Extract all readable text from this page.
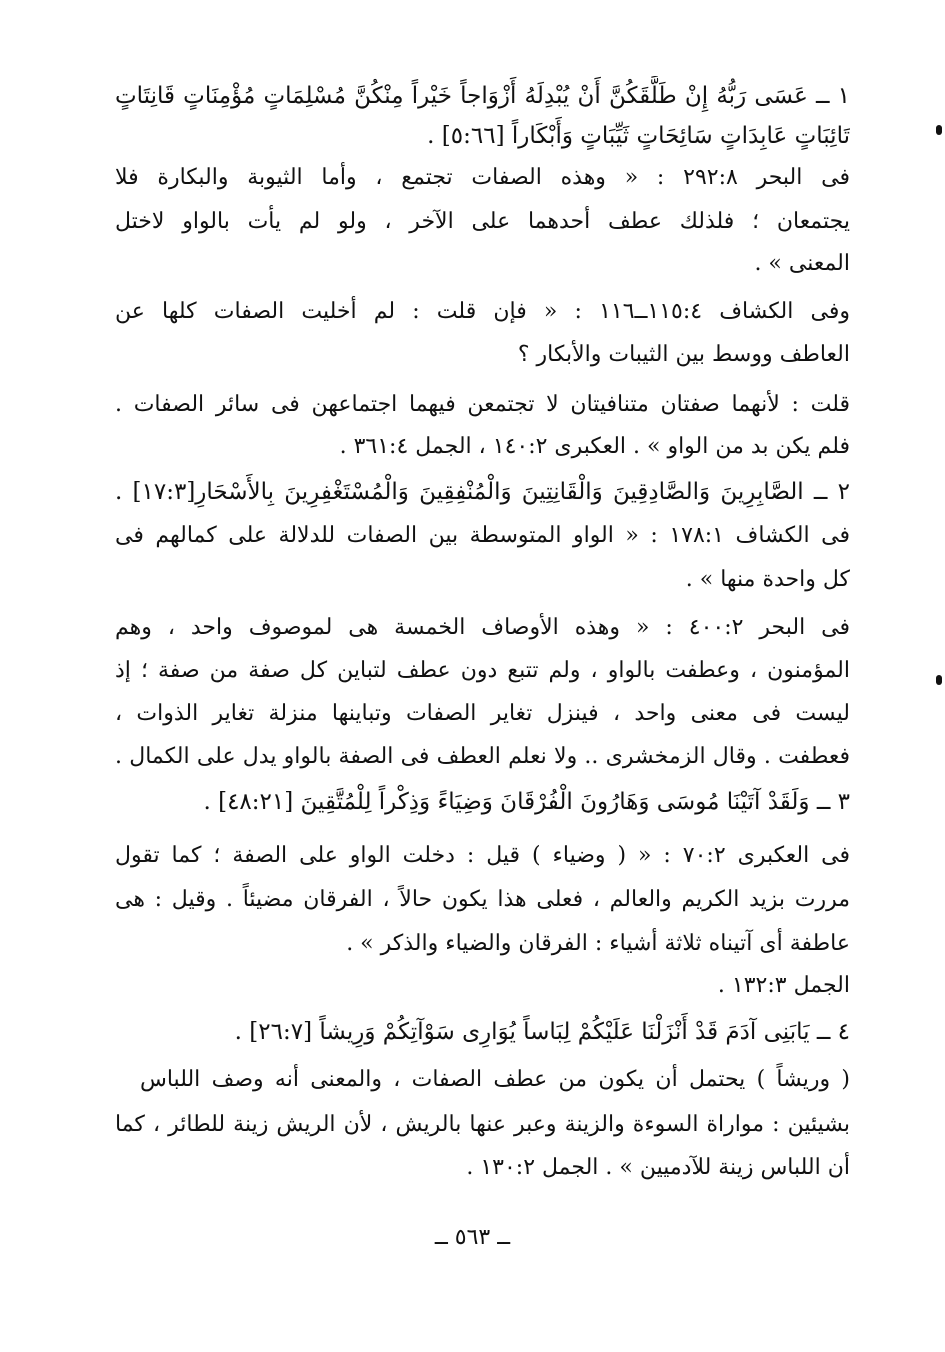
١ ــ عَسَى رَبُّهُ إِنْ طَلَّقَكُنَّ أَنْ يُبْدِلَهُ أَزْوَاجاً خَيْراً مِنْكُنَّ مُسْلِمَاتٍ مُؤْمِنَاتٍ قَانِتَاتٍ
تَائِبَاتٍ عَابِدَاتٍ سَائِحَاتٍ ثَيِّبَاتٍ وَأَبْكَاراً [٥:٦٦] .
فى البحر ٢٩٢:٨ : « وهذه الصفات تجتمع ، وأما الثيوبة والبكارة فلا
يجتمعان ؛ فلذلك عطف أحدهما على الآخر ، ولو لم يأت بالواو لاختل
المعنى » .
وفى الكشاف ١١٥:٤ــ١١٦ : « فإن قلت : لم أخليت الصفات كلها عن
العاطف ووسط بين الثيبات والأبكار ؟
قلت : لأنهما صفتان متنافيتان لا تجتمعن فيهما اجتماعهن فى سائر الصفات .
فلم يكن بد من الواو » . العكبرى ١٤٠:٢ ، الجمل ٣٦١:٤ .
٢ ــ الصَّابِرِينَ وَالصَّادِقِينَ وَالْقَانِتِينَ وَالْمُنْفِقِينَ وَالْمُسْتَغْفِرِينَ بِالأَسْحَارِ[١٧:٣] .
فى الكشاف ١٧٨:١ : « الواو المتوسطة بين الصفات للدلالة على كمالهم فى
كل واحدة منها » .
فى البحر ٤٠٠:٢ : « وهذه الأوصاف الخمسة هى لموصوف واحد ، وهم
المؤمنون ، وعطفت بالواو ، ولم تتبع دون عطف لتباين كل صفة من صفة ؛ إذ
ليست فى معنى واحد ، فينزل تغاير الصفات وتباينها منزلة تغاير الذوات ،
فعطفت . وقال الزمخشرى .. ولا نعلم العطف فى الصفة بالواو يدل على الكمال .
٣ ــ وَلَقَدْ آتَيْنَا مُوسَى وَهَارُونَ الْفُرْقَانَ وَضِيَاءً وَذِكْراً لِلْمُتَّقِينَ [٤٨:٢١] .
فى العكبرى ٧٠:٢ : « ( وضياء ) قيل : دخلت الواو على الصفة ؛ كما تقول
مررت بزيد الكريم والعالم ، فعلى هذا يكون حالاً ، الفرقان مضيئاً . وقيل : هى
عاطفة أى آتيناه ثلاثة أشياء : الفرقان والضياء والذكر » .
الجمل ١٣٢:٣ .
٤ ــ يَابَنِى آدَمَ قَدْ أَنْزَلْنَا عَلَيْكُمْ لِبَاساً يُوَارِى سَوْآتِكُمْ وَرِيشاً [٢٦:٧] .
( وريشاً ) يحتمل أن يكون من عطف الصفات ، والمعنى أنه وصف اللباس
بشيئين : مواراة السوءة والزينة وعبر عنها بالريش ، لأن الريش زينة للطائر ، كما
أن اللباس زينة للآدميين » . الجمل ١٣٠:٢ .
ــ ٥٦٣ ــ
